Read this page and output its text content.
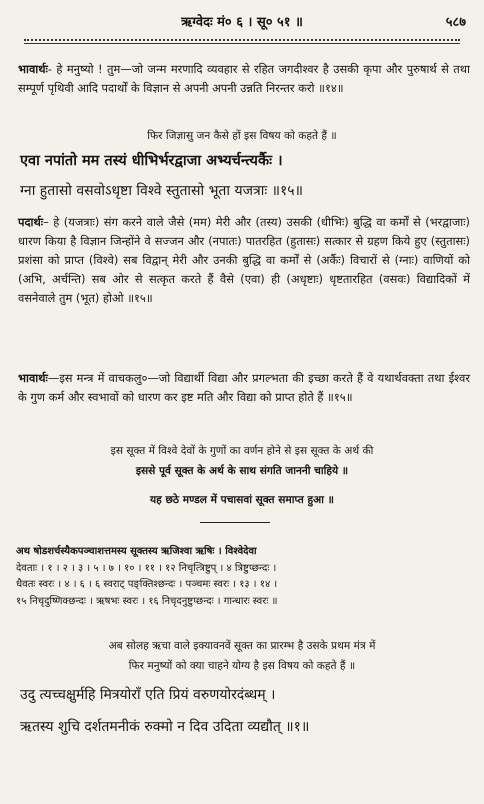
ऋग्वेदः मं० ६ । सू० ५१ ॥	५८७
भावार्थः- हे मनुष्यो ! तुम—जो जन्म मरणादि व्यवहार से रहित जगदीश्वर है उसकी कृपा और पुरुषार्थ से तथा सम्पूर्ण पृथिवी आदि पदार्थों के विज्ञान से अपनी अपनी उन्नति निरन्तर करो ॥१४॥
फिर जिज्ञासु जन कैसे हों इस विषय को कहते हैं ॥
एवा नपांतो मम तस्यं धीभिर्भरद्वाजा अभ्यर्चन्त्यर्कैः ।
ग्ना हुतासो वसवोऽधृष्टा विश्वे स्तुतासो भूता यजत्राः ॥१५॥
पदार्थः– हे (यजत्राः) संग करने वाले जैसे (मम) मेरी और (तस्य) उसकी (धीभिः) बुद्धि वा कर्मों से (भरद्वाजाः) धारण किया है विज्ञान जिन्होंने वे सज्जन और (नपातः) पातरहित (हुतासः) सत्कार से ग्रहण किये हुए (स्तुतासः) प्रशंसा को प्राप्त (विश्वे) सब विद्वान् मेरी और उनकी बुद्धि वा कर्मों से (अर्कैः) विचारों से (ग्नाः) वाणियों को (अभि, अर्चन्ति) सब ओर से सत्कृत करते हैं वैसे (एवा) ही (अधृष्टाः) धृष्टतारहित (वसवः) विद्यादिकों में वसनेवाले तुम (भूत) होओ ॥१५॥
भावार्थः—इस मन्त्र में वाचकलु०—जो विद्यार्थी विद्या और प्रगल्भता की इच्छा करते हैं वे यथार्थवक्ता तथा ईश्वर के गुण कर्म और स्वभावों को धारण कर इष्ट मति और विद्या को प्राप्त होते हैं ॥१५॥
इस सूक्त में विश्वे देवों के गुणों का वर्णन होने से इस सूक्त के अर्थ की
इससे पूर्व सूक्त के अर्थ के साथ संगति जाननी चाहिये ॥
यह छठे मण्डल में पचासवां सूक्त समाप्त हुआ ॥
अथ षोडशर्चस्यैकपञ्चाशत्तमस्य सूक्तस्य ऋजिश्वा ऋषिः । विश्वेदेवा
देवताः । १ । २ । ३ । ५ । ७ । १० । ११ । १२ निचृत्त्रिष्टुप् । ४ त्रिष्टुप्छन्दः ।
धैवतः स्वरः । ४ । ६ । ६ स्वराट् पङ्क्तिश्छन्दः । पञ्चमः स्वरः । १३ । १४ ।
१५ निचृदुष्णिक्छन्दः । ऋषभः स्वरः । १६ निचृदनुष्टुप्छन्दः । गान्धारः स्वरः ॥
अब सोलह ऋचा वाले इक्यावनवें सूक्त का प्रारम्भ है उसके प्रथम मंत्र में
फिर मनुष्यों को क्या चाहने योग्य है इस विषय को कहते हैं ॥
उदु त्यच्चक्षुर्महि मित्रयोराँ एति प्रियं वरुणयोरदंब्धम् ।
ऋतस्य शुचि दर्शतमनीकं रुक्मो न दिव उदिता व्यद्यौत् ॥१॥
